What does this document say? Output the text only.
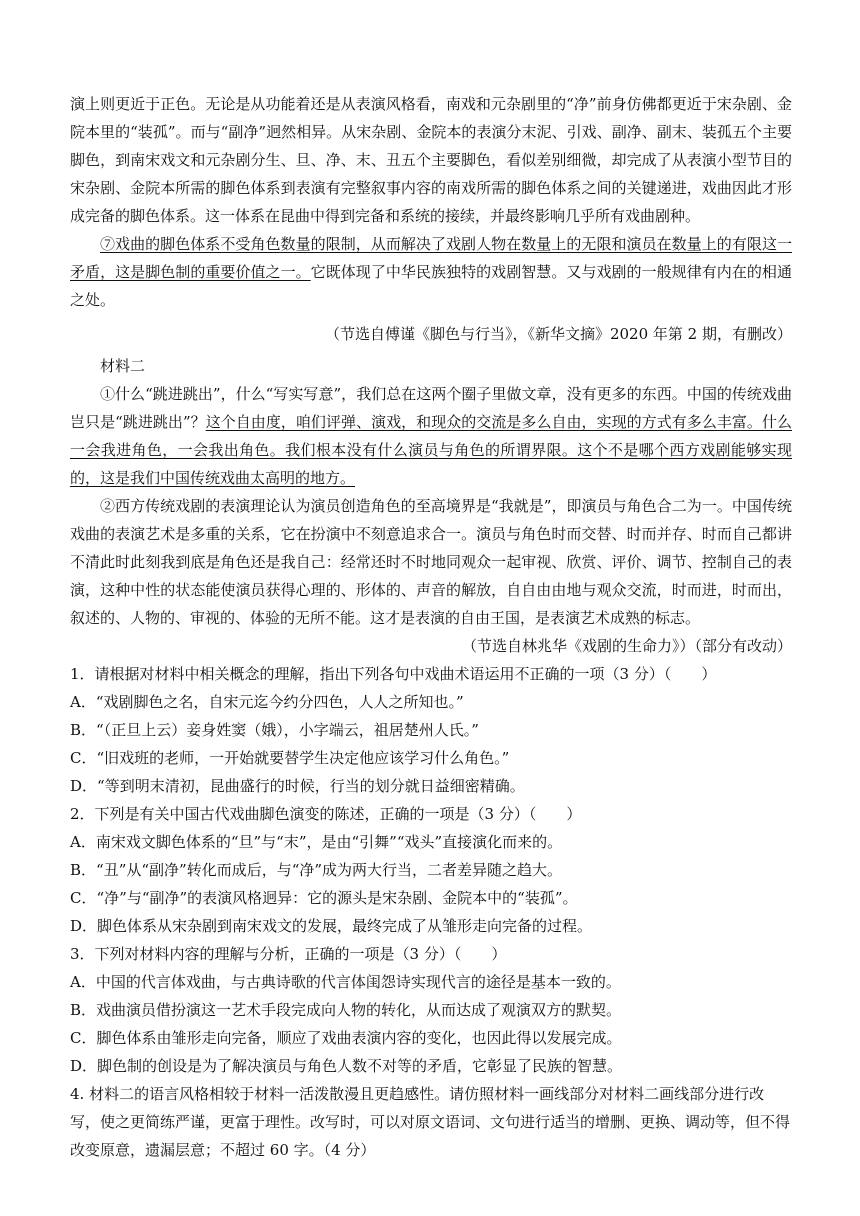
演上则更近于正色。无论是从功能着还是从表演风格看，南戏和元杂剧里的“净”前身仿佛都更近于宋杂剧、金院本里的“装孤”。而与“副净”迥然相异。从宋杂剧、金院本的表演分末泥、引戏、副净、副末、装孤五个主要脚色，到南宋戏文和元杂剧分生、旦、净、末、丑五个主要脚色，看似差别细微，却完成了从表演小型节目的宋杂剧、金院本所需的脚色体系到表演有完整叙事内容的南戏所需的脚色体系之间的关键递进，戏曲因此才形成完备的脚色体系。这一体系在昆曲中得到完备和系统的接续，并最终影响几乎所有戏曲剧种。

⑦戏曲的脚色体系不受角色数量的限制，从而解决了戏剧人物在数量上的无限和演员在数量上的有限这一矛盾，这是脚色制的重要价值之一。它既体现了中华民族独特的戏剧智慧。又与戏剧的一般规律有内在的相通之处。

（节选自傅谨《脚色与行当》，《新华文摘》2020 年第 2 期，有删改）

材料二

①什么“跳进跳出”，什么“写实写意”，我们总在这两个圈子里做文章，没有更多的东西。中国的传统戏曲岂只是“跳进跳出”？这个自由度，咱们评弹、演戏，和现众的交流是多么自由，实现的方式有多么丰富。什么一会我进角色，一会我出角色。我们根本没有什么演员与角色的所谓界限。这个不是哪个西方戏剧能够实现的，这是我们中国传统戏曲太高明的地方。

②西方传统戏剧的表演理论认为演员创造角色的至高境界是“我就是”，即演员与角色合二为一。中国传统戏曲的表演艺术是多重的关系，它在扮演中不刻意追求合一。演员与角色时而交替、时而并存、时而自己都讲不清此时此刻我到底是角色还是我自己：经常还时不时地同观众一起审视、欣赏、评价、调节、控制自己的表演，这种中性的状态能使演员获得心理的、形体的、声音的解放，自自由由地与观众交流，时而进，时而出，叙述的、人物的、审视的、体验的无所不能。这才是表演的自由王国，是表演艺术成熟的标志。

（节选自林兆华《戏剧的生命力》）（部分有改动）

1．请根据对材料中相关概念的理解，指出下列各句中戏曲术语运用不正确的一项（3 分）（　　）

A．“戏剧脚色之名，自宋元迄今约分四色，人人之所知也。”

B．“（正旦上云）妾身姓窦（娥），小字端云，祖居楚州人氏。”

C．“旧戏班的老师，一开始就要替学生决定他应该学习什么角色。”

D．“等到明末清初，昆曲盛行的时候，行当的划分就日益细密精确。

2．下列是有关中国古代戏曲脚色演变的陈述，正确的一项是（3 分）（　　）

A．南宋戏文脚色体系的“旦”与“末”，是由“引舞”“戏头”直接演化而来的。

B．“丑”从“副净”转化而成后，与“净”成为两大行当，二者差异随之趋大。

C．“净”与“副净”的表演风格迥异：它的源头是宋杂剧、金院本中的“装孤”。

D．脚色体系从宋杂剧到南宋戏文的发展，最终完成了从雏形走向完备的过程。

3．下列对材料内容的理解与分析，正确的一项是（3 分）（　　）

A．中国的代言体戏曲，与古典诗歌的代言体闺怨诗实现代言的途径是基本一致的。

B．戏曲演员借扮演这一艺术手段完成向人物的转化，从而达成了观演双方的默契。

C．脚色体系由雏形走向完备，顺应了戏曲表演内容的变化，也因此得以发展完成。

D．脚色制的创设是为了解决演员与角色人数不对等的矛盾，它彰显了民族的智慧。

4. 材料二的语言风格相较于材料一活泼散漫且更趋感性。请仿照材料一画线部分对材料二画线部分进行改写，使之更简练严谨，更富于理性。改写时，可以对原文语词、文句进行适当的增删、更换、调动等，但不得改变原意，遗漏层意；不超过 60 字。（4 分）
